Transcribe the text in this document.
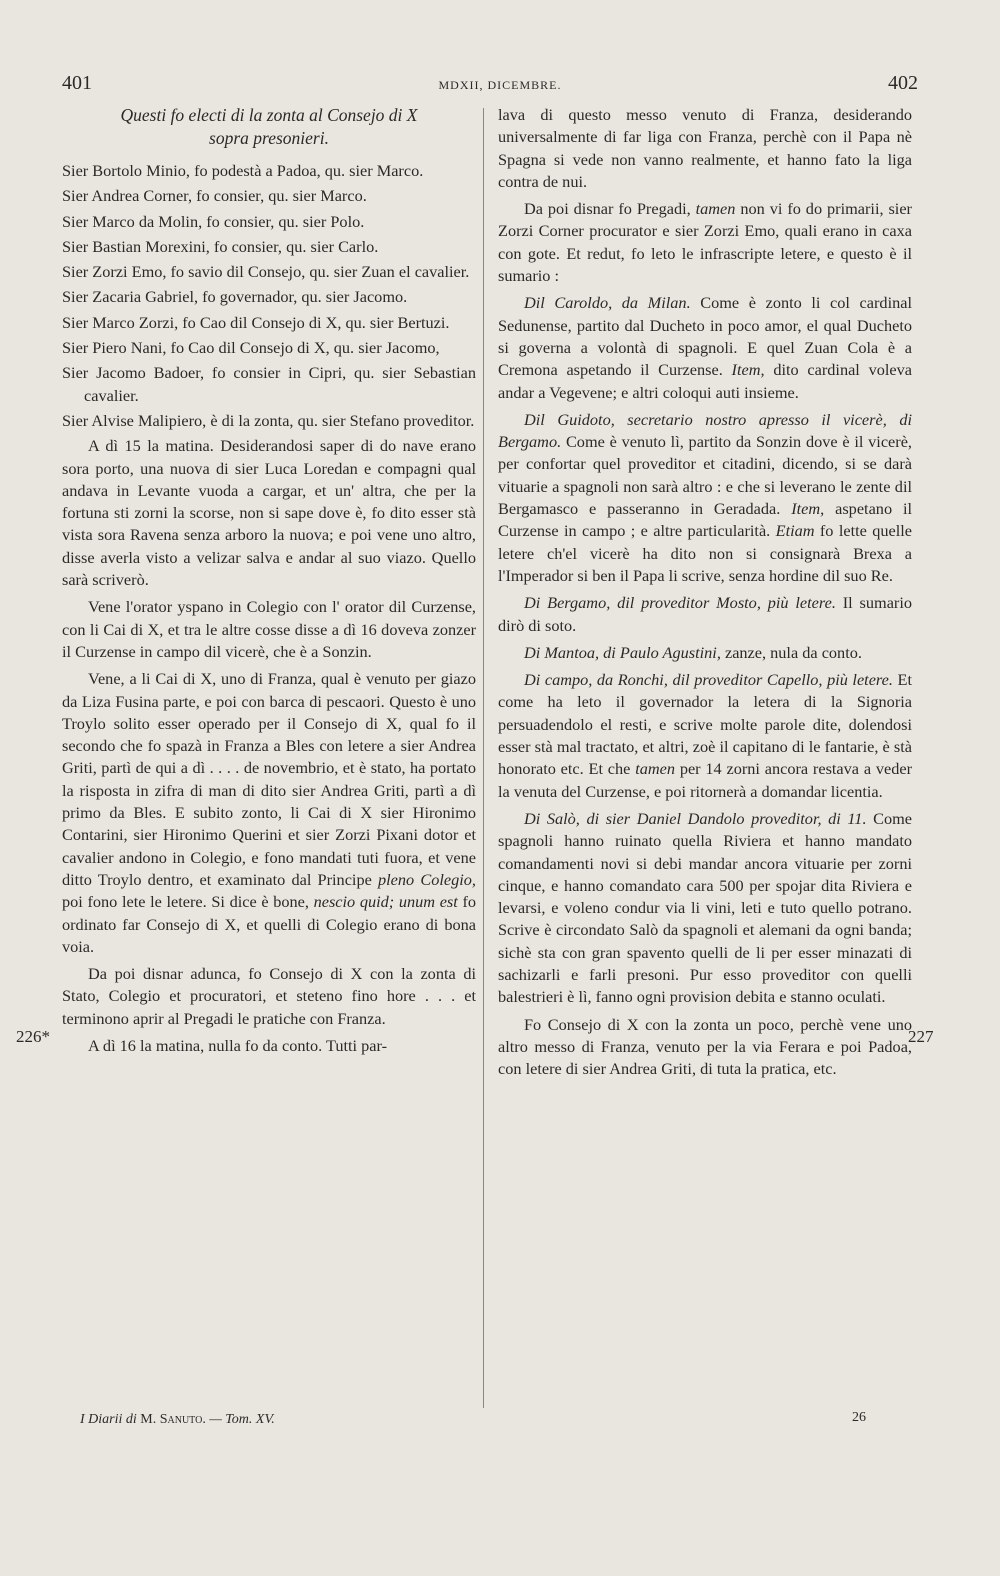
401	MDXII, DICEMBRE.	402

Questi fo electi di la zonta al Consejo di X
sopra presonieri.

Sier Bortolo Minio, fo podestà a Padoa, qu. sier Marco.

Sier Andrea Corner, fo consier, qu. sier Marco.

Sier Marco da Molin, fo consier, qu. sier Polo.

Sier Bastian Morexini, fo consier, qu. sier Carlo.

Sier Zorzi Emo, fo savio dil Consejo, qu. sier Zuan el cavalier.

Sier Zacaria Gabriel, fo governador, qu. sier Jacomo.

Sier Marco Zorzi, fo Cao dil Consejo di X, qu. sier Bertuzi.

Sier Piero Nani, fo Cao dil Consejo di X, qu. sier Jacomo,

Sier Jacomo Badoer, fo consier in Cipri, qu. sier Sebastian cavalier.

Sier Alvise Malipiero, è di la zonta, qu. sier Stefano proveditor.

A dì 15 la matina. Desiderandosi saper di do nave erano sora porto, una nuova di sier Luca Loredan e compagni qual andava in Levante vuoda a cargar, et un' altra, che per la fortuna sti zorni la scorse, non si sape dove è, fo dito esser stà vista sora Ravena senza arboro la nuova; e poi vene uno altro, disse averla visto a velizar salva e andar al suo viazo. Quello sarà scriverò.

Vene l'orator yspano in Colegio con l' orator dil Curzense, con li Cai di X, et tra le altre cosse disse a dì 16 doveva zonzer il Curzense in campo dil vicerè, che è a Sonzin.

Vene, a li Cai di X, uno di Franza, qual è venuto per giazo da Liza Fusina parte, e poi con barca di pescaori. Questo è uno Troylo solito esser operado per il Consejo di X, qual fo il secondo che fo spazà in Franza a Bles con letere a sier Andrea Griti, partì de qui a dì . . . . de novembrio, et è stato, ha portato la risposta in zifra di man di dito sier Andrea Griti, partì a dì primo da Bles. E subito zonto, li Cai di X sier Hironimo Contarini, sier Hironimo Querini et sier Zorzi Pixani dotor et cavalier andono in Colegio, e fono mandati tuti fuora, et vene ditto Troylo dentro, et examinato dal Principe pleno Colegio, poi fono lete le letere. Si dice è bone, nescio quid; unum est fo ordinato far Consejo di X, et quelli di Colegio erano di bona voia.

Da poi disnar adunca, fo Consejo di X con la zonta di Stato, Colegio et procuratori, et steteno fino hore . . . et terminono aprir al Pregadi le pratiche con Franza.

A dì 16 la matina, nulla fo da conto. Tutti par-

226*	227

lava di questo messo venuto di Franza, desiderando universalmente di far liga con Franza, perchè con il Papa nè Spagna si vede non vanno realmente, et hanno fato la liga contra de nui.

Da poi disnar fo Pregadi, tamen non vi fo do primarii, sier Zorzi Corner procurator e sier Zorzi Emo, quali erano in caxa con gote. Et redut, fo leto le infrascripte letere, e questo è il sumario :

Dil Caroldo, da Milan. Come è zonto li col cardinal Sedunense, partito dal Ducheto in poco amor, el qual Ducheto si governa a volontà di spagnoli. E quel Zuan Cola è a Cremona aspetando il Curzense. Item, dito cardinal voleva andar a Vegevene; e altri coloqui auti insieme.

Dil Guidoto, secretario nostro apresso il vicerè, di Bergamo. Come è venuto lì, partito da Sonzin dove è il vicerè, per confortar quel proveditor et citadini, dicendo, si se darà vituarie a spagnoli non sarà altro : e che si leverano le zente dil Bergamasco e passeranno in Geradada. Item, aspetano il Curzense in campo ; e altre particularità. Etiam fo lette quelle letere ch'el vicerè ha dito non si consignarà Brexa a l'Imperador si ben il Papa li scrive, senza hordine dil suo Re.

Di Bergamo, dil proveditor Mosto, più letere. Il sumario dirò di soto.

Di Mantoa, di Paulo Agustini, zanze, nula da conto.

Di campo, da Ronchi, dil proveditor Capello, più letere. Et come ha leto il governador la letera di la Signoria persuadendolo el resti, e scrive molte parole dite, dolendosi esser stà mal tractato, et altri, zoè il capitano di le fantarie, è stà honorato etc. Et che tamen per 14 zorni ancora restava a veder la venuta del Curzense, e poi ritornerà a domandar licentia.

Di Salò, di sier Daniel Dandolo proveditor, di 11. Come spagnoli hanno ruinato quella Riviera et hanno mandato comandamenti novi si debi mandar ancora vituarie per zorni cinque, e hanno comandato cara 500 per spojar dita Riviera e levarsi, e voleno condur via li vini, leti e tuto quello potrano. Scrive è circondato Salò da spagnoli et alemani da ogni banda; sichè sta con gran spavento quelli de li per esser minazati di sachizarli e farli presoni. Pur esso proveditor con quelli balestrieri è lì, fanno ogni provision debita e stanno oculati.

Fo Consejo di X con la zonta un poco, perchè vene uno altro messo di Franza, venuto per la via Ferara e poi Padoa, con letere di sier Andrea Griti, di tuta la pratica, etc.

I Diarii di M. Sanuto. — Tom. XV.	26
